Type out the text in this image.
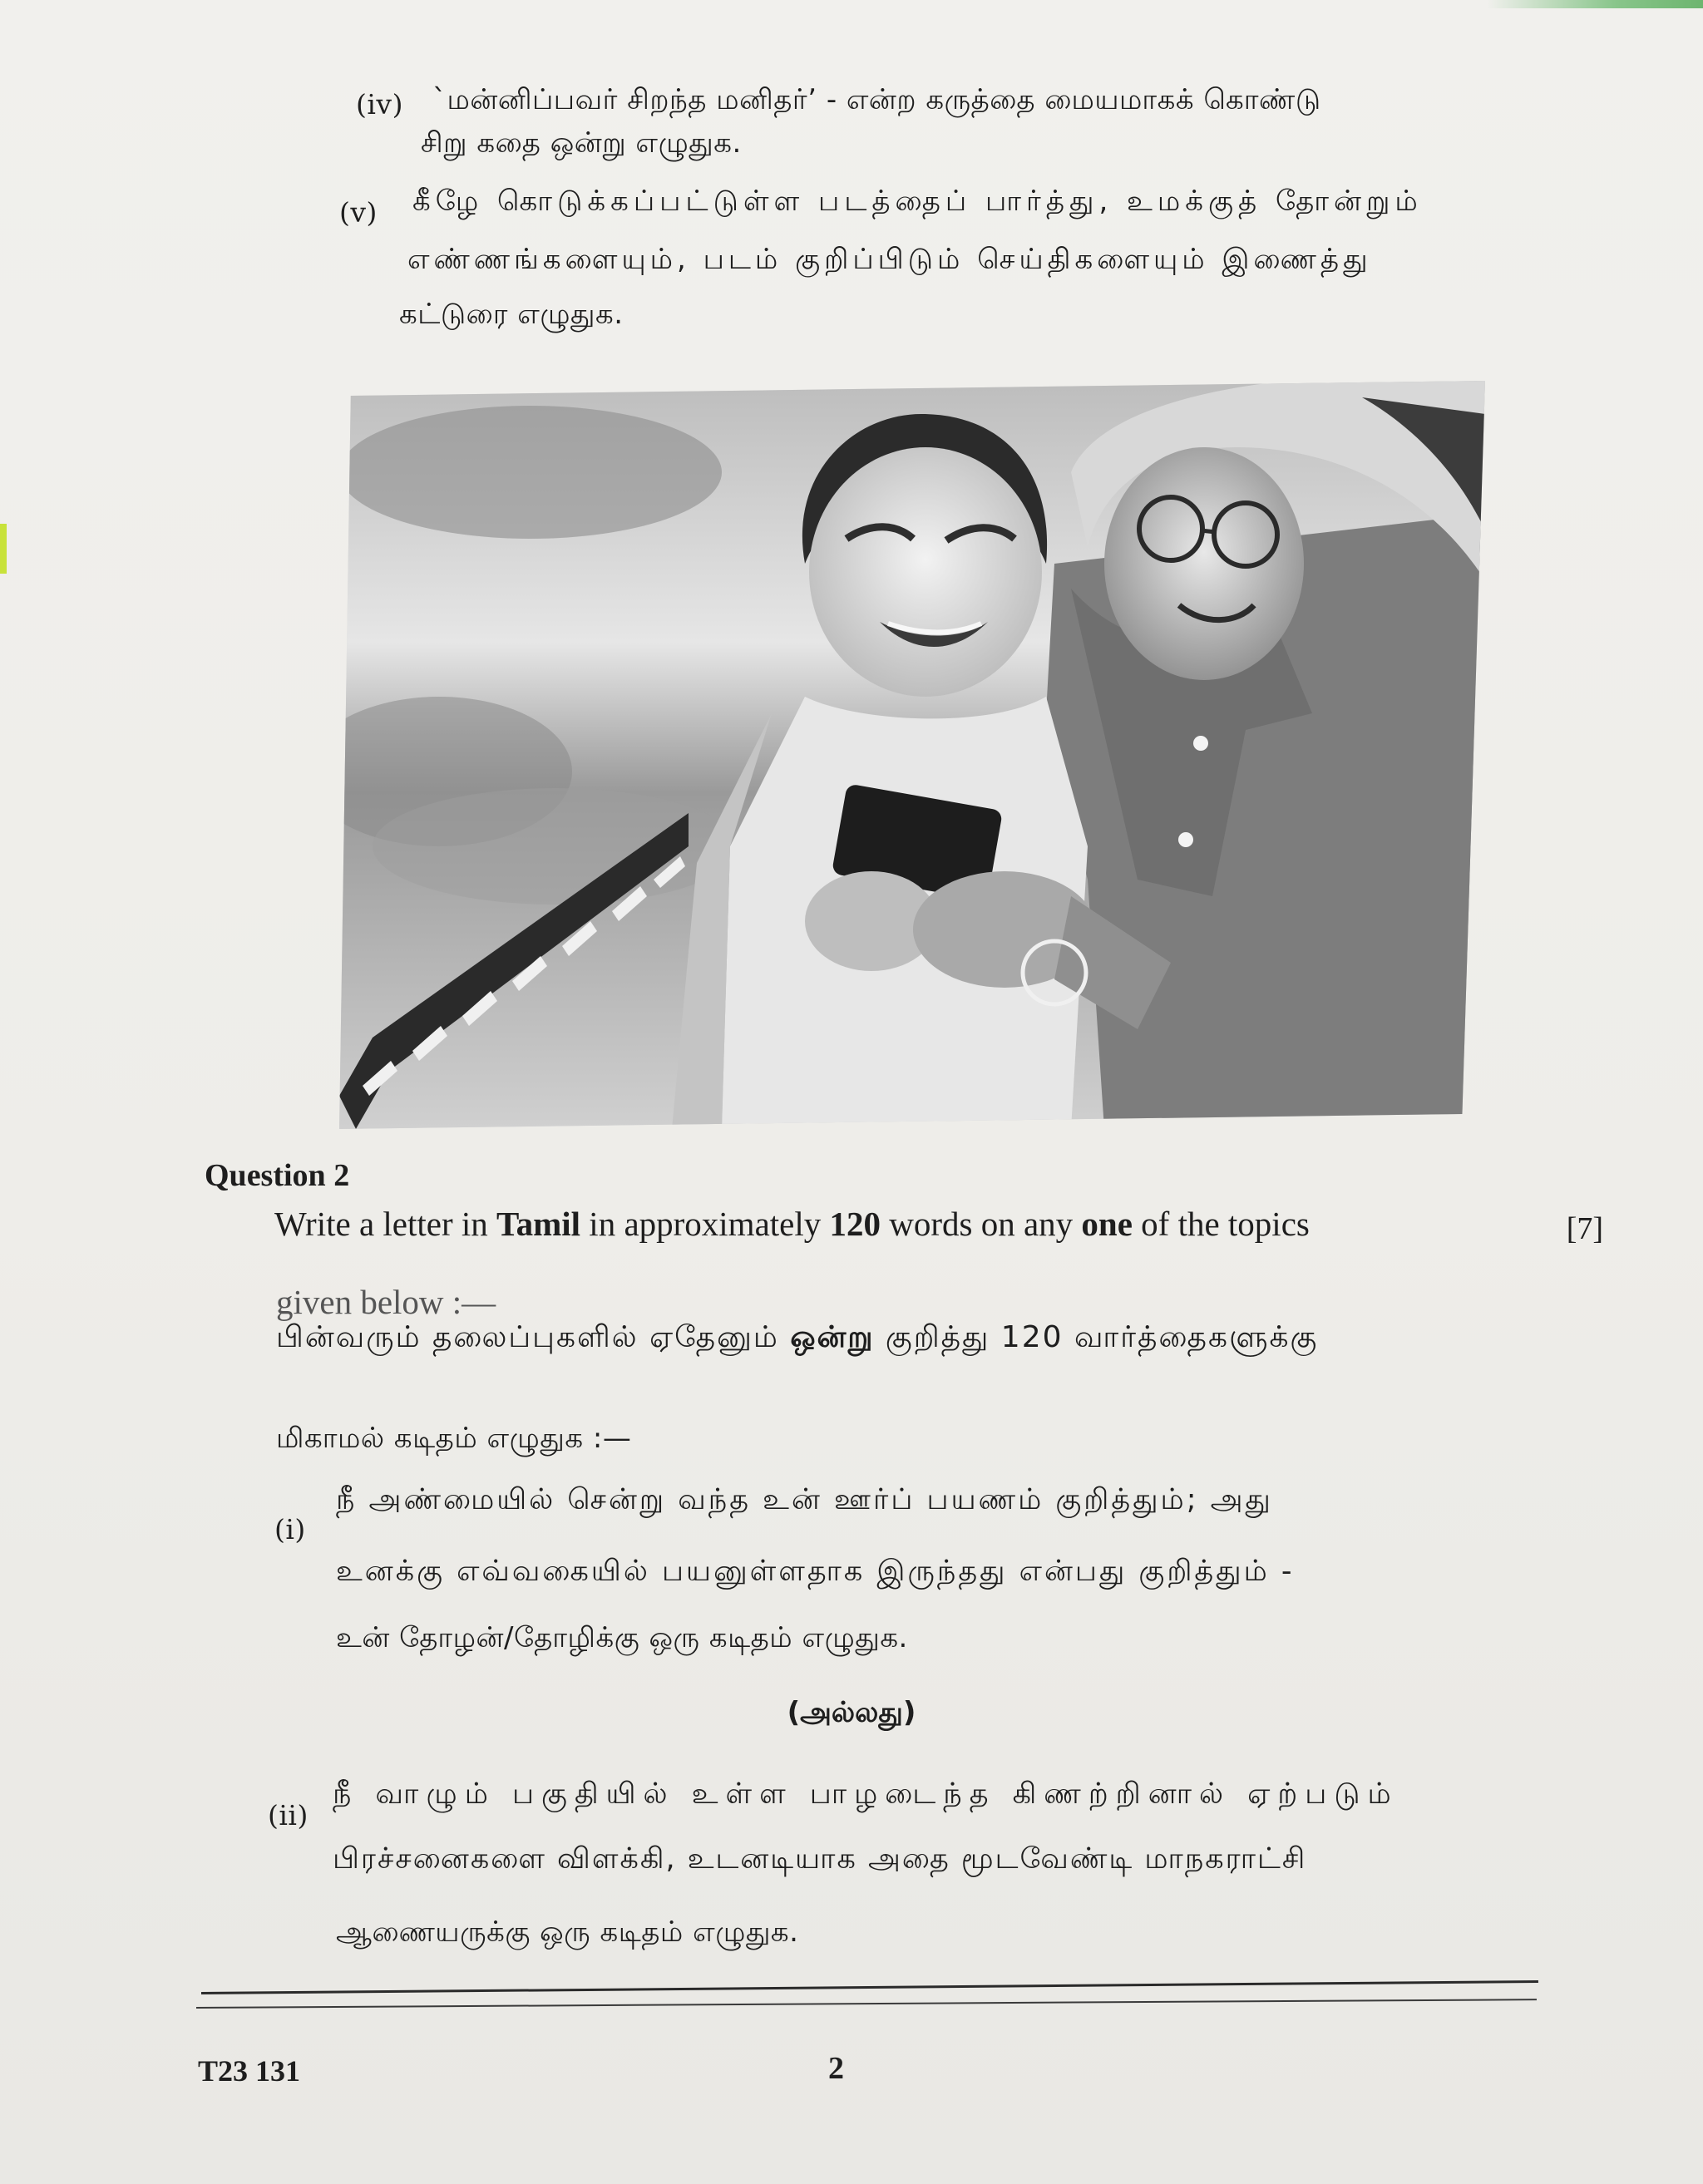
(iv) `மன்னிப்பவர் சிறந்த மனிதர்’ - என்ற கருத்தை மையமாகக் கொண்டு
சிறு கதை ஒன்று எழுதுக.
(v) கீழே கொடுக்கப்பட்டுள்ள படத்தைப் பார்த்து, உமக்குத் தோன்றும்
எண்ணங்களையும், படம் குறிப்பிடும் செய்திகளையும் இணைத்து
கட்டுரை எழுதுக.
Question 2
Write a letter in Tamil in approximately 120 words on any one of the topics	[7]
given below :—
பின்வரும் தலைப்புகளில் ஏதேனும் ஒன்று குறித்து 120 வார்த்தைகளுக்கு
மிகாமல் கடிதம் எழுதுக :—
(i)
நீ அண்மையில் சென்று வந்த உன் ஊர்ப் பயணம் குறித்தும்; அது
உனக்கு எவ்வகையில் பயனுள்ளதாக இருந்தது என்பது குறித்தும் -
உன் தோழன்/தோழிக்கு ஒரு கடிதம் எழுதுக.
(அல்லது)
(ii)
நீ வாழும் பகுதியில் உள்ள பாழடைந்த கிணற்றினால் ஏற்படும்
பிரச்சனைகளை விளக்கி, உடனடியாக அதை மூடவேண்டி மாநகராட்சி
ஆணையருக்கு ஒரு கடிதம் எழுதுக.
T23 131	2
